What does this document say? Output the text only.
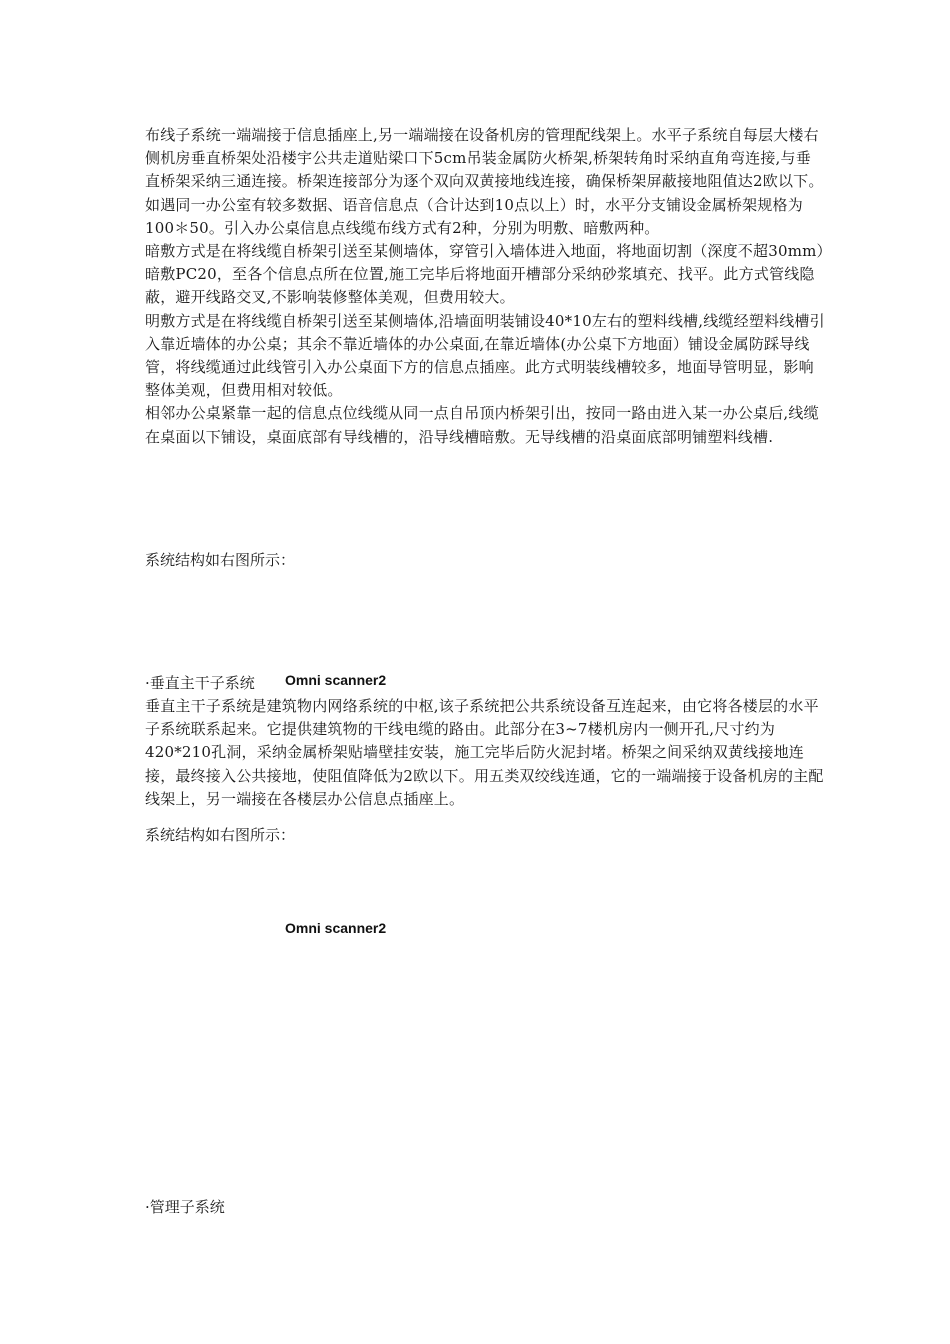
布线子系统一端端接于信息插座上,另一端端接在设备机房的管理配线架上。水平子系统自每层大楼右侧机房垂直桥架处沿楼宇公共走道贴梁口下5cm吊装金属防火桥架,桥架转角时采纳直角弯连接,与垂直桥架采纳三通连接。桥架连接部分为逐个双向双黄接地线连接，确保桥架屏蔽接地阻值达2欧以下。如遇同一办公室有较多数据、语音信息点（合计达到10点以上）时，水平分支铺设金属桥架规格为100＊50。引入办公桌信息点线缆布线方式有2种，分别为明敷、暗敷两种。

暗敷方式是在将线缆自桥架引送至某侧墙体，穿管引入墙体进入地面，将地面切割（深度不超30mm）暗敷PC20，至各个信息点所在位置,施工完毕后将地面开槽部分采纳砂浆填充、找平。此方式管线隐蔽，避开线路交叉,不影响装修整体美观，但费用较大。

明敷方式是在将线缆自桥架引送至某侧墙体,沿墙面明装铺设40*10左右的塑料线槽,线缆经塑料线槽引入靠近墙体的办公桌；其余不靠近墙体的办公桌面,在靠近墙体(办公桌下方地面）铺设金属防踩导线管，将线缆通过此线管引入办公桌面下方的信息点插座。此方式明装线槽较多，地面导管明显，影响整体美观，但费用相对较低。

相邻办公桌紧靠一起的信息点位线缆从同一点自吊顶内桥架引出，按同一路由进入某一办公桌后,线缆在桌面以下铺设，桌面底部有导线槽的，沿导线槽暗敷。无导线槽的沿桌面底部明铺塑料线槽.

系统结构如右图所示：
·垂直主干子系统 Omni scanner2

垂直主干子系统是建筑物内网络系统的中枢,该子系统把公共系统设备互连起来，由它将各楼层的水平子系统联系起来。它提供建筑物的干线电缆的路由。此部分在3~7楼机房内一侧开孔,尺寸约为420*210孔洞，采纳金属桥架贴墙壁挂安装，施工完毕后防火泥封堵。桥架之间采纳双黄线接地连接，最终接入公共接地，使阻值降低为2欧以下。用五类双绞线连通，它的一端端接于设备机房的主配线架上，另一端接在各楼层办公信息点插座上。

系统结构如右图所示：
Omni scanner2
·管理子系统
